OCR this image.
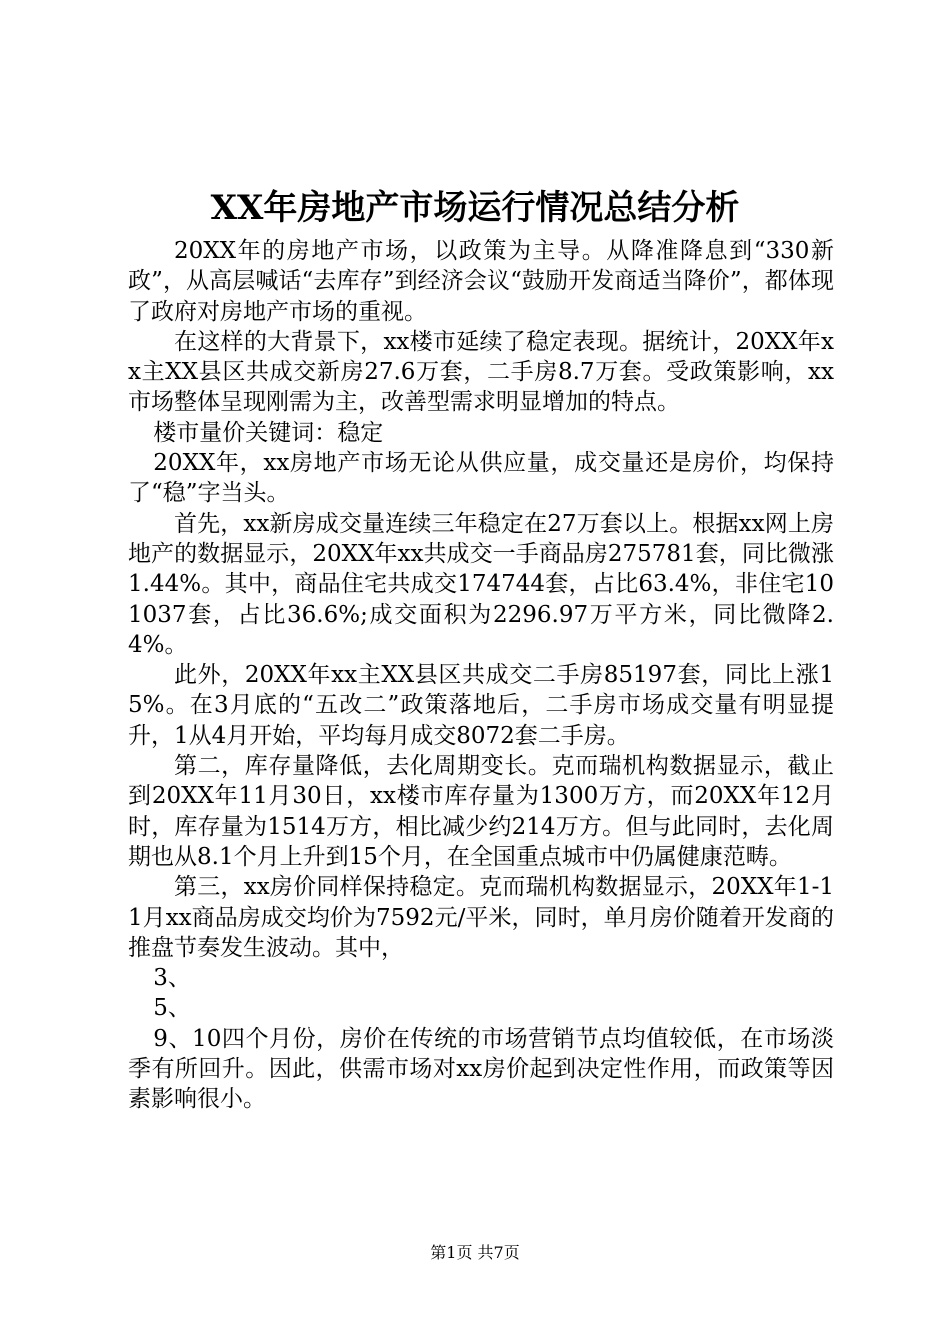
XX年房地产市场运行情况总结分析

20XX年的房地产市场，以政策为主导。从降准降息到“330新政”，从高层喊话“去库存”到经济会议“鼓励开发商适当降价”，都体现了政府对房地产市场的重视。

在这样的大背景下，xx楼市延续了稳定表现。据统计，20XX年xx主XX县区共成交新房27.6万套，二手房8.7万套。受政策影响，xx市场整体呈现刚需为主，改善型需求明显增加的特点。

楼市量价关键词：稳定

20XX年，xx房地产市场无论从供应量，成交量还是房价，均保持了“稳”字当头。

首先，xx新房成交量连续三年稳定在27万套以上。根据xx网上房地产的数据显示，20XX年xx共成交一手商品房275781套，同比微涨1.44%。其中，商品住宅共成交174744套，占比63.4%，非住宅101037套，占比36.6%;成交面积为2296.97万平方米，同比微降2.4%。

此外，20XX年xx主XX县区共成交二手房85197套，同比上涨15%。在3月底的“五改二”政策落地后，二手房市场成交量有明显提升，1从4月开始，平均每月成交8072套二手房。

第二，库存量降低，去化周期变长。克而瑞机构数据显示，截止到20XX年11月30日，xx楼市库存量为1300万方，而20XX年12月时，库存量为1514万方，相比减少约214万方。但与此同时，去化周期也从8.1个月上升到15个月，在全国重点城市中仍属健康范畴。

第三，xx房价同样保持稳定。克而瑞机构数据显示，20XX年1-11月xx商品房成交均价为7592元/平米，同时，单月房价随着开发商的推盘节奏发生波动。其中，

3、

5、

9、10四个月份，房价在传统的市场营销节点均值较低，在市场淡季有所回升。因此，供需市场对xx房价起到决定性作用，而政策等因素影响很小。

第1页 共7页
